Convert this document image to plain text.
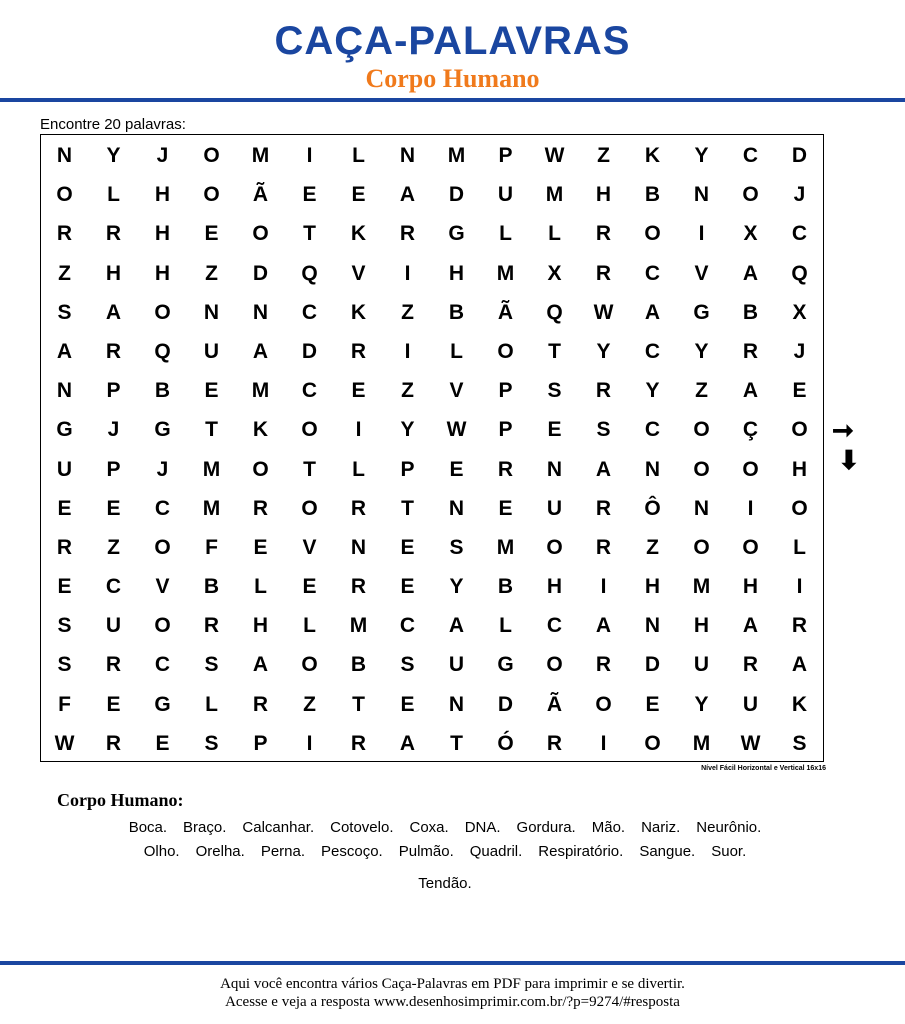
CAÇA-PALAVRAS
Corpo Humano
Encontre 20 palavras:
N	Y	J	O	M	I	L	N	M	P	W	Z	K	Y	C	D
O	L	H	O	Ã	E	E	A	D	U	M	H	B	N	O	J
R	R	H	E	O	T	K	R	G	L	L	R	O	I	X	C
Z	H	H	Z	D	Q	V	I	H	M	X	R	C	V	A	Q
S	A	O	N	N	C	K	Z	B	Ã	Q	W	A	G	B	X
A	R	Q	U	A	D	R	I	L	O	T	Y	C	Y	R	J
N	P	B	E	M	C	E	Z	V	P	S	R	Y	Z	A	E
G	J	G	T	K	O	I	Y	W	P	E	S	C	O	Ç	O
U	P	J	M	O	T	L	P	E	R	N	A	N	O	O	H
E	E	C	M	R	O	R	T	N	E	U	R	Ô	N	I	O
R	Z	O	F	E	V	N	E	S	M	O	R	Z	O	O	L
E	C	V	B	L	E	R	E	Y	B	H	I	H	M	H	I
S	U	O	R	H	L	M	C	A	L	C	A	N	H	A	R
S	R	C	S	A	O	B	S	U	G	O	R	D	U	R	A
F	E	G	L	R	Z	T	E	N	D	Ã	O	E	Y	U	K
W	R	E	S	P	I	R	A	T	Ó	R	I	O	M	W	S
Nível Fácil Horizontal e Vertical 16x16
➞
⬇
Corpo Humano:
Boca. Braço. Calcanhar. Cotovelo. Coxa. DNA. Gordura. Mão. Nariz. Neurônio.
Olho. Orelha. Perna. Pescoço. Pulmão. Quadril. Respiratório. Sangue. Suor.
Tendão.
Aqui você encontra vários Caça-Palavras em PDF para imprimir e se divertir.
Acesse e veja a resposta www.desenhosimprimir.com.br/?p=9274/#resposta
